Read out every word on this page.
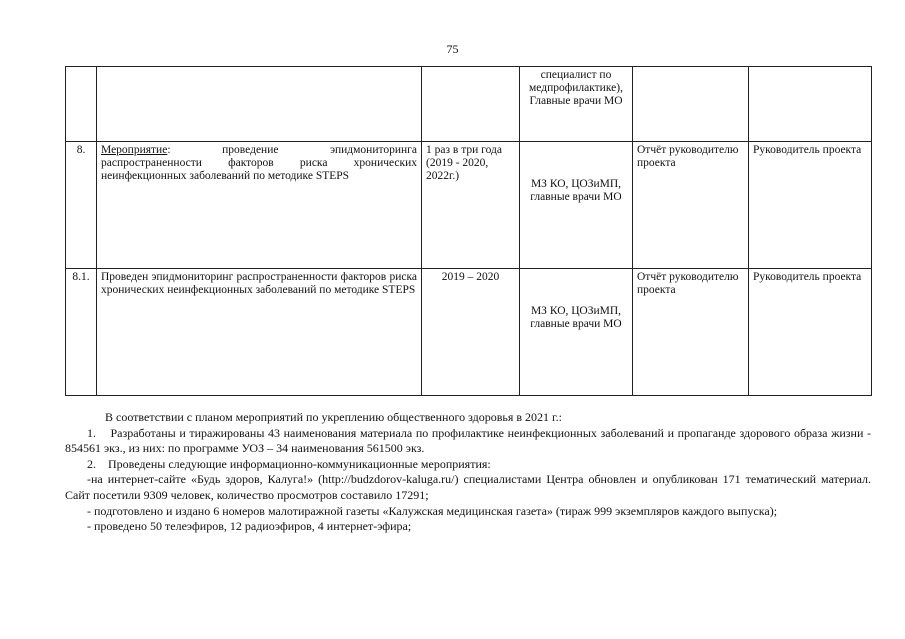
75

			специалист по медпрофилактике), Главные врачи МО		

8.	Мероприятие: проведение эпидмониторинга распространенности факторов риска хронических неинфекционных заболеваний по методике STEPS	1 раз в три года (2019 - 2020, 2022г.)	МЗ КО, ЦОЗиМП, главные врачи МО	Отчёт руководителю проекта	Руководитель проекта
8.1.	Проведен эпидмониторинг распространенности факторов риска хронических неинфекционных заболеваний по методике STEPS	2019 – 2020	МЗ КО, ЦОЗиМП, главные врачи МО	Отчёт руководителю проекта	Руководитель проекта

В соответствии с планом мероприятий по укреплению общественного здоровья в 2021 г.:

1.    Разработаны и тиражированы 43 наименования материала по профилактике неинфекционных заболеваний и пропаганде здорового образа жизни - 854561 экз., из них: по программе УОЗ – 34 наименования 561500 экз.

2.    Проведены следующие информационно-коммуникационные мероприятия:

-на интернет-сайте «Будь здоров, Калуга!» (http://budzdorov-kaluga.ru/) специалистами Центра обновлен и опубликован 171 тематический материал. Сайт посетили 9309 человек, количество просмотров составило 17291;

- подготовлено и издано 6 номеров малотиражной газеты «Калужская медицинская газета» (тираж 999 экземпляров каждого выпуска);

- проведено 50 телеэфиров, 12 радиоэфиров, 4 интернет-эфира;
